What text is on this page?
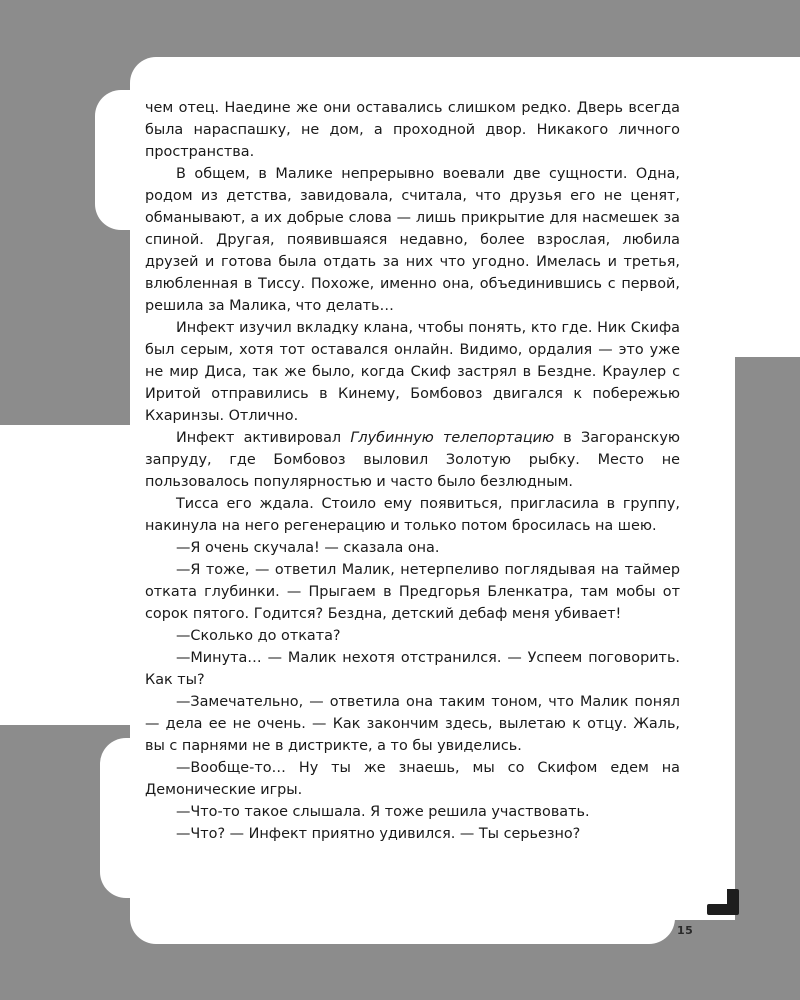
чем отец. Наедине же они оставались слишком редко. Дверь всегда была нараспашку, не дом, а проходной двор. Никакого личного пространства.

В общем, в Малике непрерывно воевали две сущности. Одна, родом из детства, завидовала, считала, что друзья его не ценят, обманывают, а их добрые слова — лишь прикрытие для насмешек за спиной. Другая, появившаяся недавно, более взрослая, любила друзей и готова была отдать за них что угодно. Имелась и третья, влюбленная в Тиссу. Похоже, именно она, объединившись с первой, решила за Малика, что делать…

Инфект изучил вкладку клана, чтобы понять, кто где. Ник Скифа был серым, хотя тот оставался онлайн. Видимо, ордалия — это уже не мир Диса, так же было, когда Скиф застрял в Бездне. Краулер с Иритой отправились в Кинему, Бомбовоз двигался к побережью Кхаринзы. Отлично.

Инфект активировал Глубинную телепортацию в Загоранскую запруду, где Бомбовоз выловил Золотую рыбку. Место не пользовалось популярностью и часто было безлюдным.

Тисса его ждала. Стоило ему появиться, пригласила в группу, накинула на него регенерацию и только потом бросилась на шею.

—Я очень скучала! — сказала она.

—Я тоже, — ответил Малик, нетерпеливо поглядывая на таймер отката глубинки. — Прыгаем в Предгорья Бленкатра, там мобы от сорок пятого. Годится? Бездна, детский дебаф меня убивает!

—Сколько до отката?

—Минута… — Малик нехотя отстранился. — Успеем поговорить. Как ты?

—Замечательно, — ответила она таким тоном, что Малик понял — дела ее не очень. — Как закончим здесь, вылетаю к отцу. Жаль, вы с парнями не в дистрикте, а то бы увиделись.

—Вообще-то… Ну ты же знаешь, мы со Скифом едем на Демонические игры.

—Что-то такое слышала. Я тоже решила участвовать.

—Что? — Инфект приятно удивился. — Ты серьезно?

15
